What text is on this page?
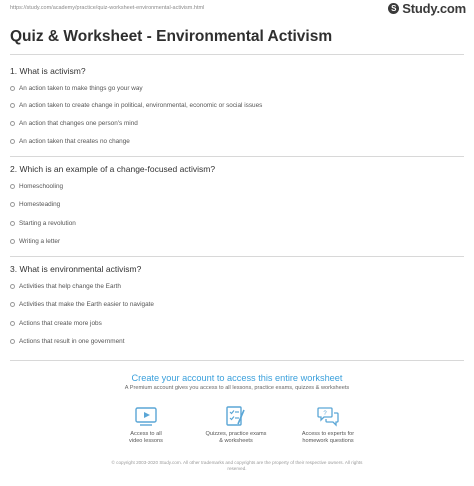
https://study.com/academy/practice/quiz-worksheet-environmental-activism.html	S Study.com
Quiz & Worksheet - Environmental Activism
1. What is activism?
An action taken to make things go your way
An action taken to create change in political, environmental, economic or social issues
An action that changes one person's mind
An action taken that creates no change
2. Which is an example of a change-focused activism?
Homeschooling
Homesteading
Starting a revolution
Writing a letter
3. What is environmental activism?
Activities that help change the Earth
Activities that make the Earth easier to navigate
Actions that create more jobs
Actions that result in one government
Create your account to access this entire worksheet
A Premium account gives you access to all lessons, practice exams, quizzes & worksheets
Access to all
video lessons
Quizzes, practice exams
& worksheets
?
Access to experts for
homework questions
© copyright 2003-2020 Study.com. All other trademarks and copyrights are the property of their respective owners. All rights
reserved.
